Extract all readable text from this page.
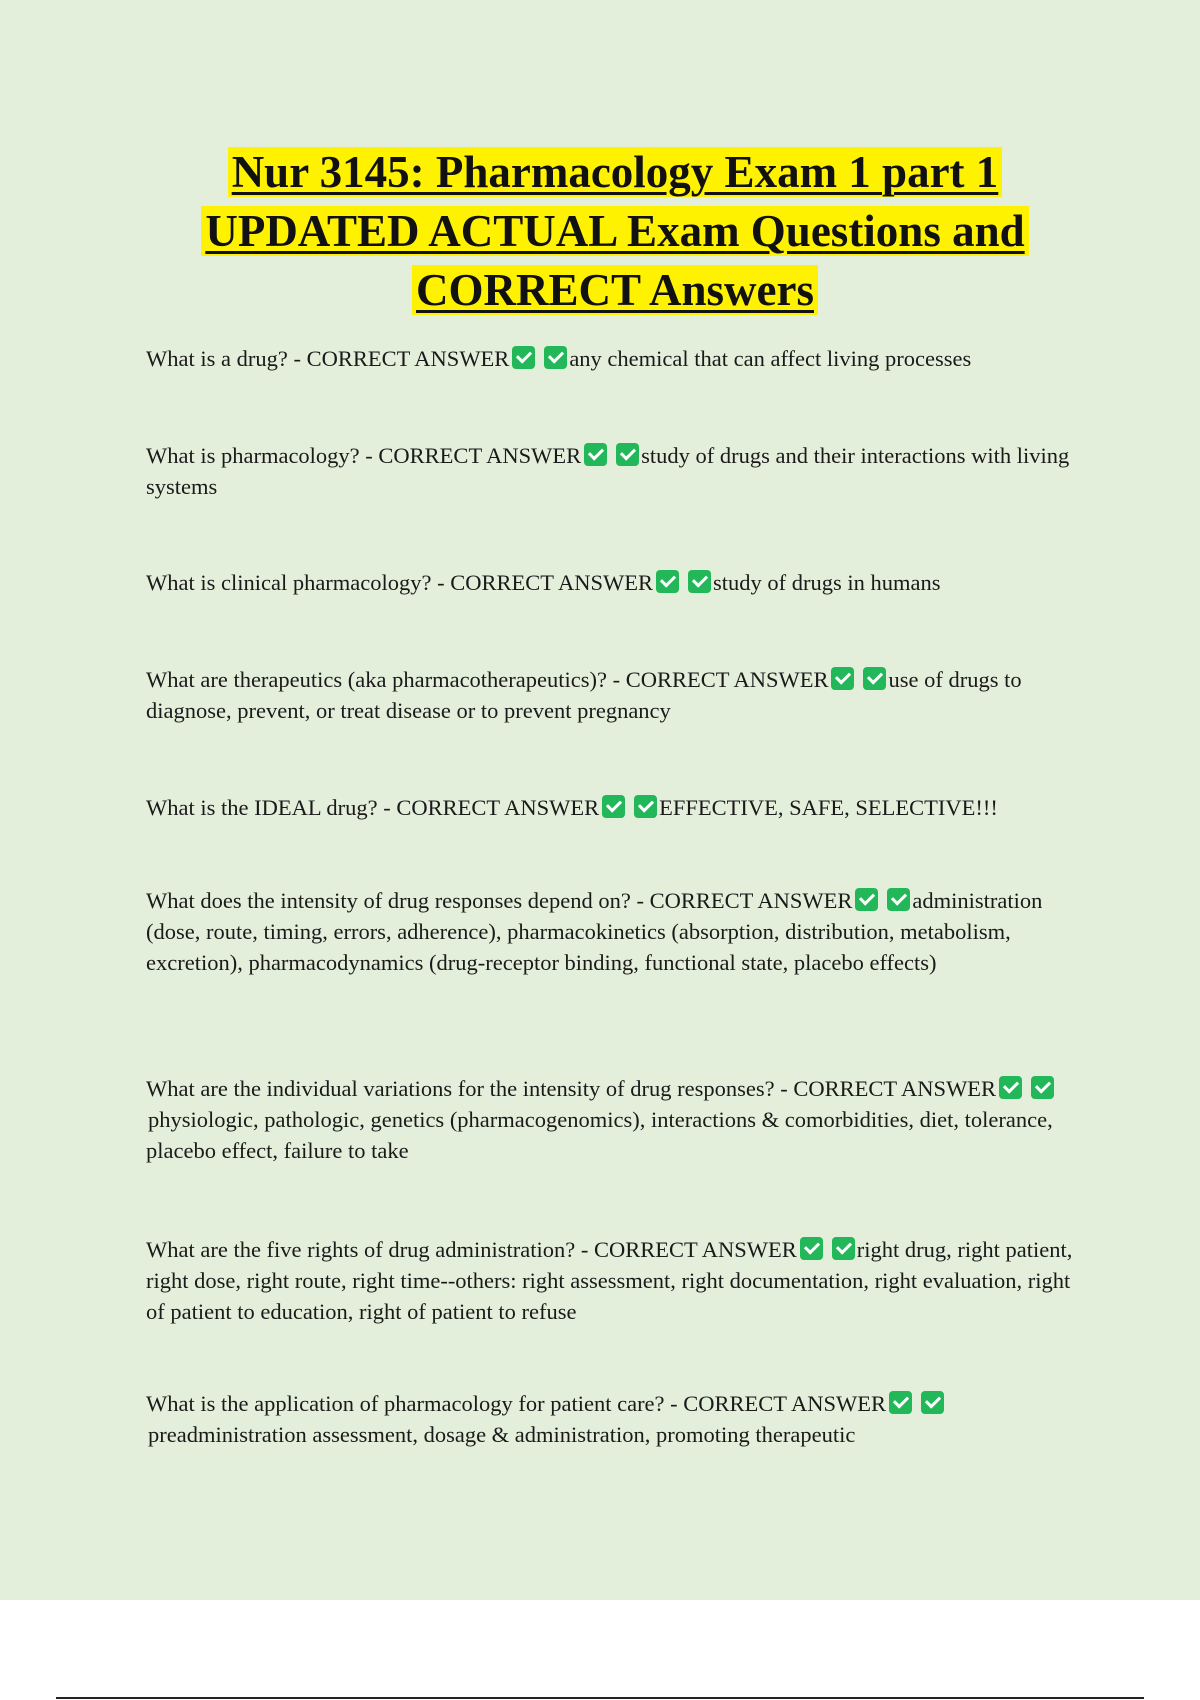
Nur 3145: Pharmacology Exam 1 part 1
UPDATED ACTUAL Exam Questions and
CORRECT Answers

What is a drug? - CORRECT ANSWER	any chemical that can affect living processes

What is pharmacology? - CORRECT ANSWER	study of drugs and their interactions with living systems

What is clinical pharmacology? - CORRECT ANSWER	study of drugs in humans

What are therapeutics (aka pharmacotherapeutics)? - CORRECT ANSWER	use of drugs to diagnose, prevent, or treat disease or to prevent pregnancy

What is the IDEAL drug? - CORRECT ANSWER	EFFECTIVE, SAFE, SELECTIVE!!!

What does the intensity of drug responses depend on? - CORRECT ANSWER	administration (dose, route, timing, errors, adherence), pharmacokinetics (absorption, distribution, metabolism, excretion), pharmacodynamics (drug-receptor binding, functional state, placebo effects)

What are the individual variations for the intensity of drug responses? - CORRECT ANSWERphysiologic, pathologic, genetics (pharmacogenomics), interactions & comorbidities, diet, tolerance, placebo effect, failure to take

What are the five rights of drug administration? - CORRECT ANSWER	right drug, right patient, right dose, right route, right time--others: right assessment, right documentation, right evaluation, right of patient to education, right of patient to refuse

What is the application of pharmacology for patient care? - CORRECT ANSWERpreadministration assessment, dosage & administration, promoting therapeutic
